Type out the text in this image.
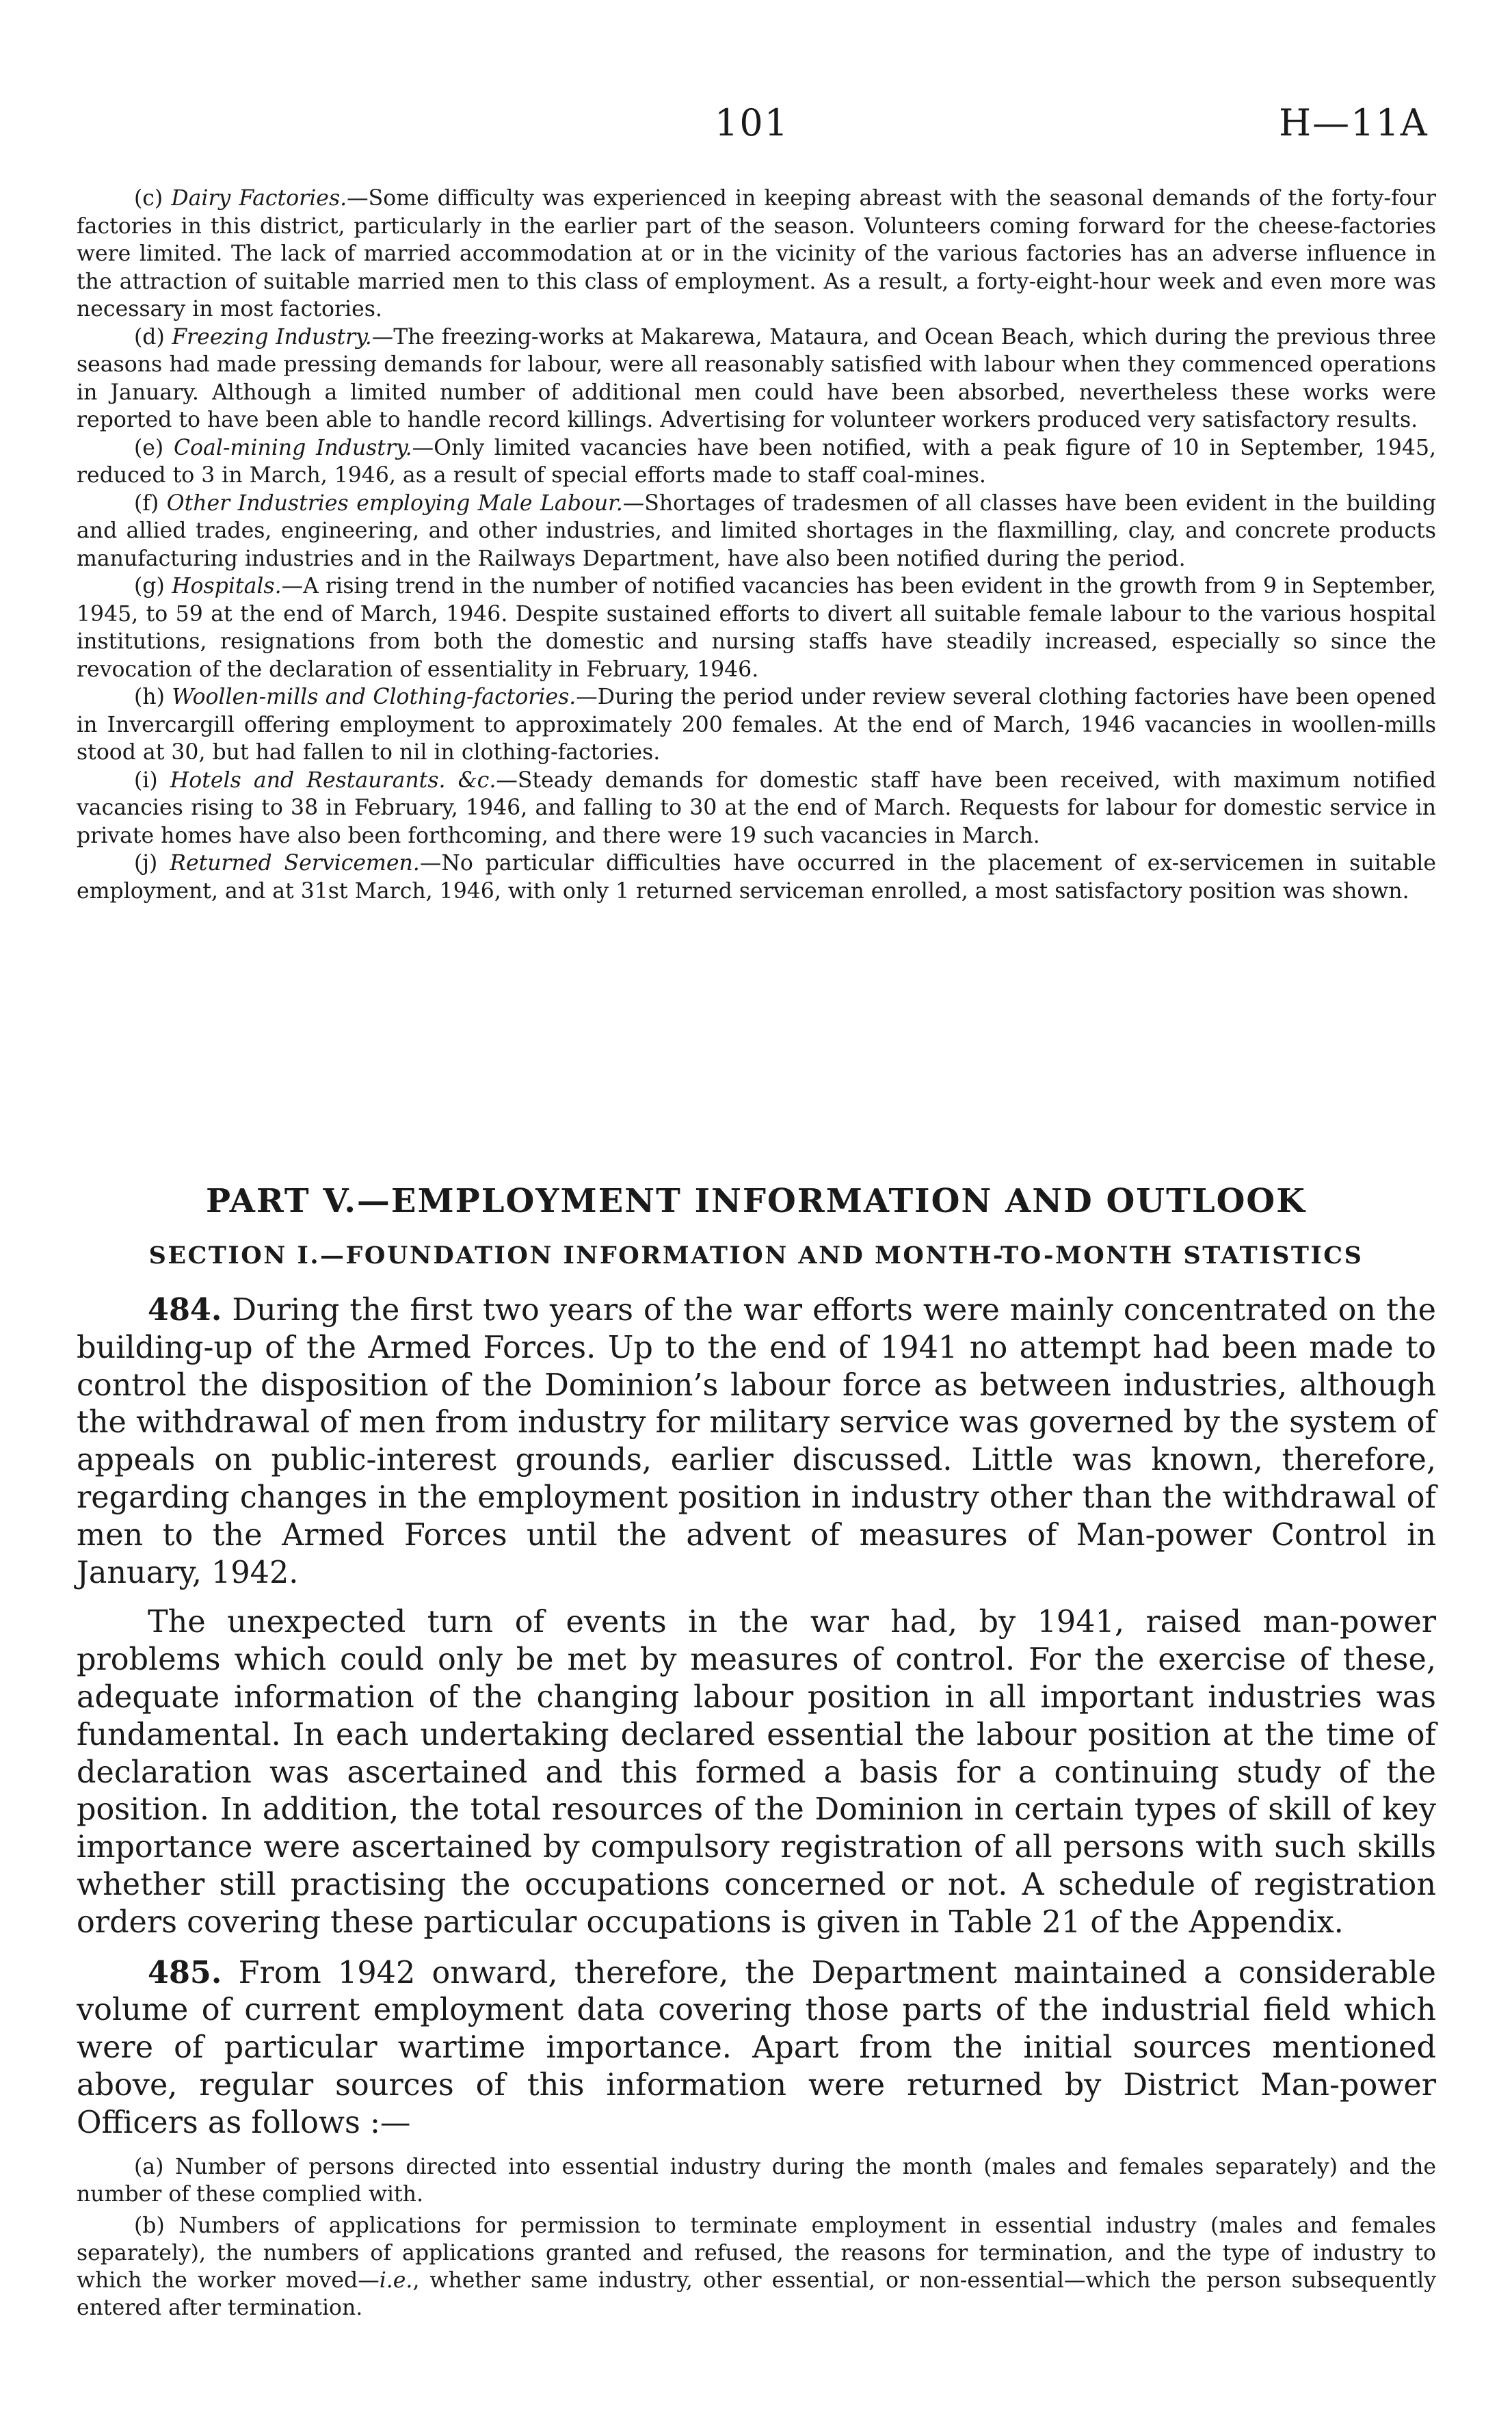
101	H—11A

(c) Dairy Factories.—Some difficulty was experienced in keeping abreast with the seasonal demands of the forty-four factories in this district, particularly in the earlier part of the season. Volunteers coming forward for the cheese-factories were limited. The lack of married accommodation at or in the vicinity of the various factories has an adverse influence in the attraction of suitable married men to this class of employment. As a result, a forty-eight-hour week and even more was necessary in most factories.

(d) Freezing Industry.—The freezing-works at Makarewa, Mataura, and Ocean Beach, which during the previous three seasons had made pressing demands for labour, were all reasonably satisfied with labour when they commenced operations in January. Although a limited number of additional men could have been absorbed, nevertheless these works were reported to have been able to handle record killings. Advertising for volunteer workers produced very satisfactory results.

(e) Coal-mining Industry.—Only limited vacancies have been notified, with a peak figure of 10 in September, 1945, reduced to 3 in March, 1946, as a result of special efforts made to staff coal-mines.

(f) Other Industries employing Male Labour.—Shortages of tradesmen of all classes have been evident in the building and allied trades, engineering, and other industries, and limited shortages in the flaxmilling, clay, and concrete products manufacturing industries and in the Railways Department, have also been notified during the period.

(g) Hospitals.—A rising trend in the number of notified vacancies has been evident in the growth from 9 in September, 1945, to 59 at the end of March, 1946. Despite sustained efforts to divert all suitable female labour to the various hospital institutions, resignations from both the domestic and nursing staffs have steadily increased, especially so since the revocation of the declaration of essentiality in February, 1946.

(h) Woollen-mills and Clothing-factories.—During the period under review several clothing factories have been opened in Invercargill offering employment to approximately 200 females. At the end of March, 1946 vacancies in woollen-mills stood at 30, but had fallen to nil in clothing-factories.

(i) Hotels and Restaurants. &c.—Steady demands for domestic staff have been received, with maximum notified vacancies rising to 38 in February, 1946, and falling to 30 at the end of March. Requests for labour for domestic service in private homes have also been forthcoming, and there were 19 such vacancies in March.

(j) Returned Servicemen.—No particular difficulties have occurred in the placement of ex-servicemen in suitable employment, and at 31st March, 1946, with only 1 returned serviceman enrolled, a most satisfactory position was shown.

PART V.—EMPLOYMENT INFORMATION AND OUTLOOK
SECTION I.—FOUNDATION INFORMATION AND MONTH-TO-MONTH STATISTICS

484. During the first two years of the war efforts were mainly concentrated on the building-up of the Armed Forces. Up to the end of 1941 no attempt had been made to control the disposition of the Dominion’s labour force as between industries, although the withdrawal of men from industry for military service was governed by the system of appeals on public-interest grounds, earlier discussed. Little was known, therefore, regarding changes in the employment position in industry other than the withdrawal of men to the Armed Forces until the advent of measures of Man-power Control in January, 1942.

The unexpected turn of events in the war had, by 1941, raised man-power problems which could only be met by measures of control. For the exercise of these, adequate information of the changing labour position in all important industries was fundamental. In each undertaking declared essential the labour position at the time of declaration was ascertained and this formed a basis for a continuing study of the position. In addition, the total resources of the Dominion in certain types of skill of key importance were ascertained by compulsory registration of all persons with such skills whether still practising the occupations concerned or not. A schedule of registration orders covering these particular occupations is given in Table 21 of the Appendix.

485. From 1942 onward, therefore, the Department maintained a considerable volume of current employment data covering those parts of the industrial field which were of particular wartime importance. Apart from the initial sources mentioned above, regular sources of this information were returned by District Man-power Officers as follows :—

(a) Number of persons directed into essential industry during the month (males and females separately) and the number of these complied with.

(b) Numbers of applications for permission to terminate employment in essential industry (males and females separately), the numbers of applications granted and refused, the reasons for termination, and the type of industry to which the worker moved—i.e., whether same industry, other essential, or non-essential—which the person subsequently entered after termination.
